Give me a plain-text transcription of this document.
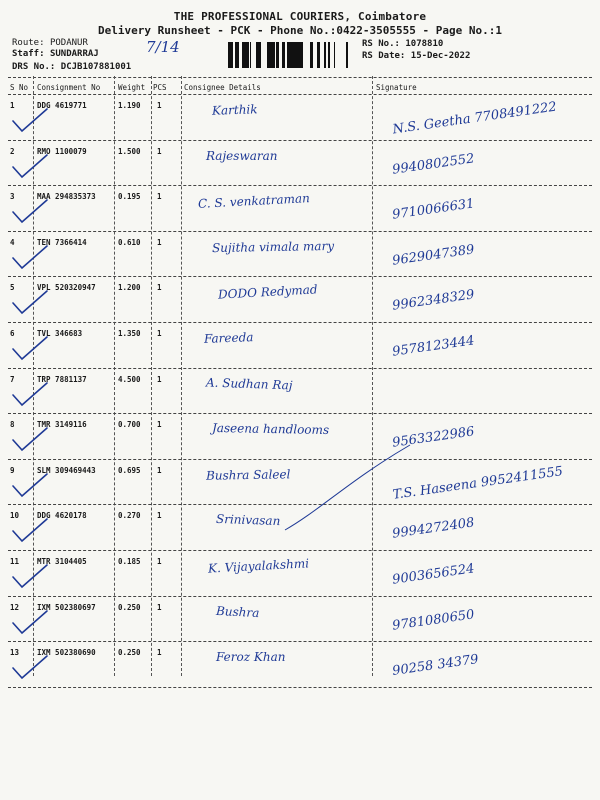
THE PROFESSIONAL COURIERS, Coimbatore
Delivery Runsheet - PCK - Phone No.:0422-3505555 - Page No.:1
Route: PODANUR
Staff: SUNDARRAJ
DRS No.: DCJB107881001
7/14	RS No.: 1078810
RS Date: 15-Dec-2022
S No Consignment No Weight PCS Consignee Details	Signature
1	DDG 4619771	1.190 1	Karthik	N.S. Geetha 7708491222
2	RMO 1100079	1.500 1	Rajeswaran	9940802552
3	MAA 294835373	0.195 1	C. S. venkatraman	9710066631
4	TEN 7366414	0.610 1	Sujitha vimala mary	9629047389
5	VPL 520320947	1.200 1	DODO Redymad	9962348329
6	TVL 346683	1.350 1	Fareeda	9578123444
7	TRP 7881137	4.500 1	A. Sudhan Raj
8	TMR 3149116	0.700 1	Jaseena handlooms	9563322986
9	SLM 309469443	0.695 1	Bushra Saleel	T.S. Haseena 9952411555
10 DDG 4620178	0.270 1	Srinivasan	9994272408
11 MTR 3104405	0.185 1	K. Vijayalakshmi	9003656524
12 IXM 502380697	0.250 1	Bushra	9781080650
13 IXM 502380690	0.250 1	Feroz Khan	90258 34379
